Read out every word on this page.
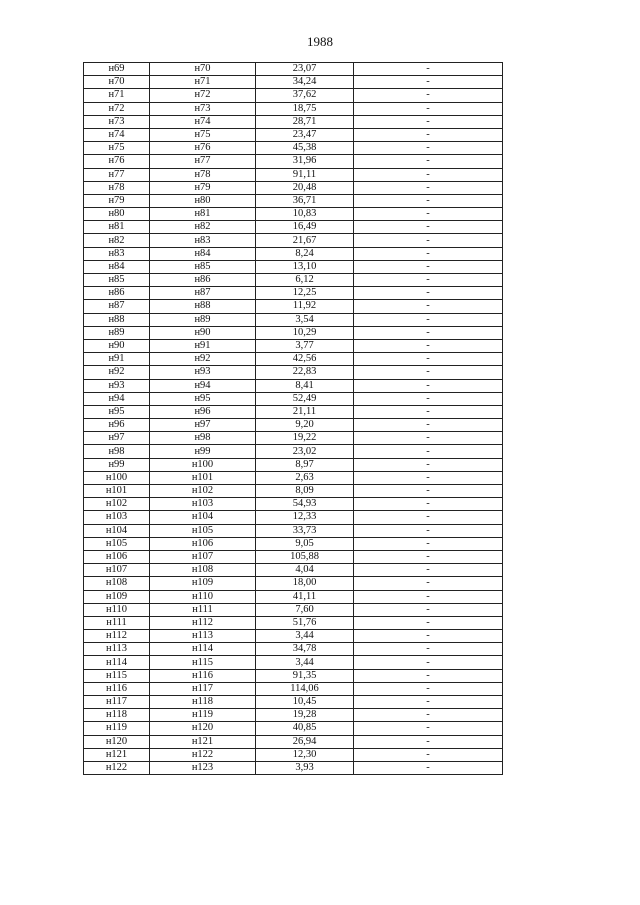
1988
н69	н70	23,07	-
н70	н71	34,24	-
н71	н72	37,62	-
н72	н73	18,75	-
н73	н74	28,71	-
н74	н75	23,47	-
н75	н76	45,38	-
н76	н77	31,96	-
н77	н78	91,11	-
н78	н79	20,48	-
н79	н80	36,71	-
н80	н81	10,83	-
н81	н82	16,49	-
н82	н83	21,67	-
н83	н84	8,24	-
н84	н85	13,10	-
н85	н86	6,12	-
н86	н87	12,25	-
н87	н88	11,92	-
н88	н89	3,54	-
н89	н90	10,29	-
н90	н91	3,77	-
н91	н92	42,56	-
н92	н93	22,83	-
н93	н94	8,41	-
н94	н95	52,49	-
н95	н96	21,11	-
н96	н97	9,20	-
н97	н98	19,22	-
н98	н99	23,02	-
н99	н100	8,97	-
н100	н101	2,63	-
н101	н102	8,09	-
н102	н103	54,93	-
н103	н104	12,33	-
н104	н105	33,73	-
н105	н106	9,05	-
н106	н107	105,88	-
н107	н108	4,04	-
н108	н109	18,00	-
н109	н110	41,11	-
н110	н111	7,60	-
н111	н112	51,76	-
н112	н113	3,44	-
н113	н114	34,78	-
н114	н115	3,44	-
н115	н116	91,35	-
н116	н117	114,06	-
н117	н118	10,45	-
н118	н119	19,28	-
н119	н120	40,85	-
н120	н121	26,94	-
н121	н122	12,30	-
н122	н123	3,93	-
